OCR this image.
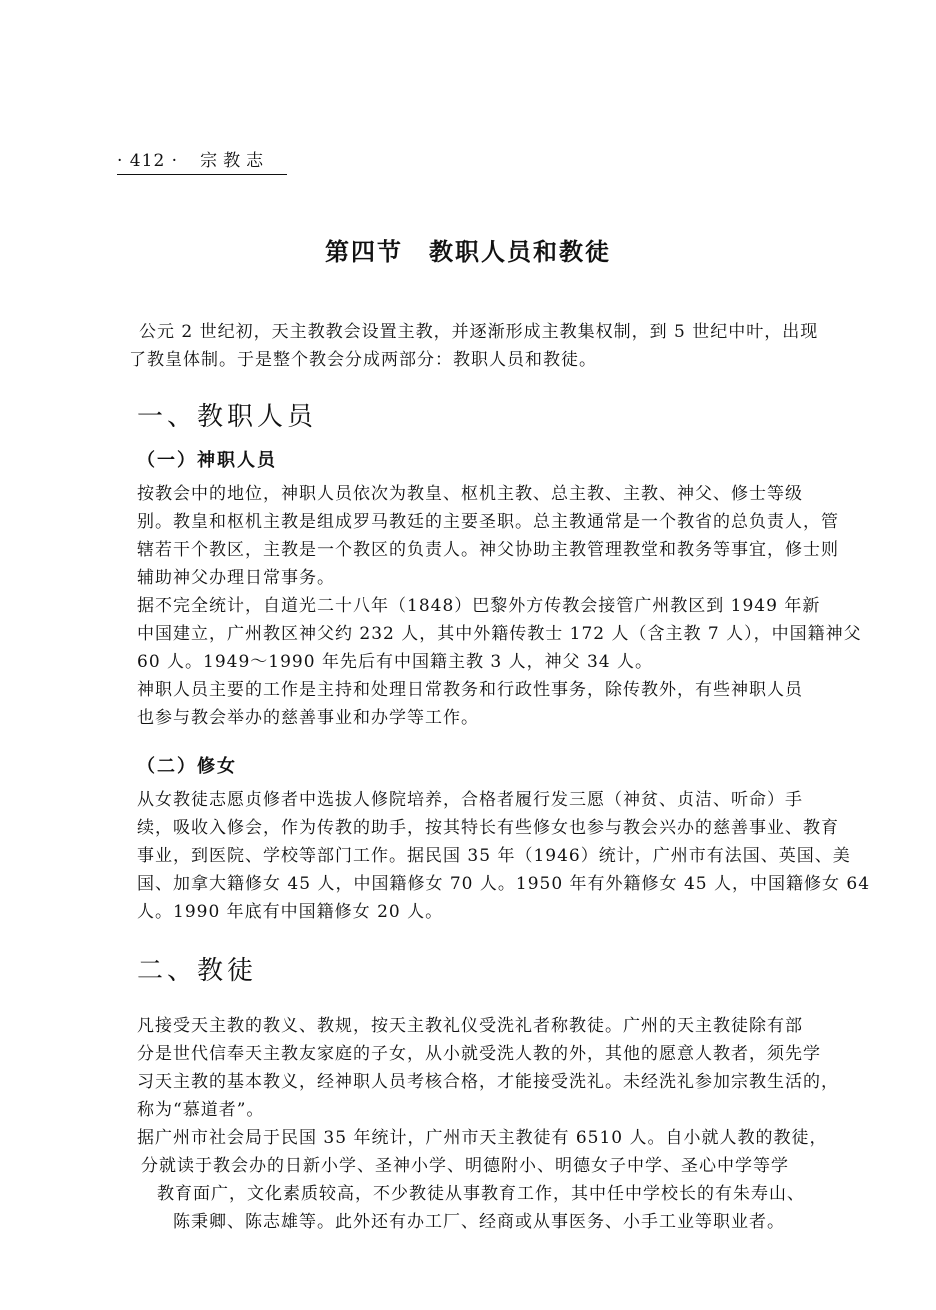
· 412 · 宗教志
第四节　教职人员和教徒
公元 2 世纪初，天主教教会设置主教，并逐渐形成主教集权制，到 5 世纪中叶，出现
了教皇体制。于是整个教会分成两部分：教职人员和教徒。
一、教职人员
（一）神职人员
按教会中的地位，神职人员依次为教皇、枢机主教、总主教、主教、神父、修士等级
别。教皇和枢机主教是组成罗马教廷的主要圣职。总主教通常是一个教省的总负责人，管
辖若干个教区，主教是一个教区的负责人。神父协助主教管理教堂和教务等事宜，修士则
辅助神父办理日常事务。
据不完全统计，自道光二十八年（1848）巴黎外方传教会接管广州教区到 1949 年新
中国建立，广州教区神父约 232 人，其中外籍传教士 172 人（含主教 7 人），中国籍神父
60 人。1949～1990 年先后有中国籍主教 3 人，神父 34 人。
神职人员主要的工作是主持和处理日常教务和行政性事务，除传教外，有些神职人员
也参与教会举办的慈善事业和办学等工作。
（二）修女
从女教徒志愿贞修者中选拔人修院培养，合格者履行发三愿（神贫、贞洁、听命）手
续，吸收入修会，作为传教的助手，按其特长有些修女也参与教会兴办的慈善事业、教育
事业，到医院、学校等部门工作。据民国 35 年（1946）统计，广州市有法国、英国、美
国、加拿大籍修女 45 人，中国籍修女 70 人。1950 年有外籍修女 45 人，中国籍修女 64
人。1990 年底有中国籍修女 20 人。
二、教徒
凡接受天主教的教义、教规，按天主教礼仪受洗礼者称教徒。广州的天主教徒除有部
分是世代信奉天主教友家庭的子女，从小就受洗人教的外，其他的愿意人教者，须先学
习天主教的基本教义，经神职人员考核合格，才能接受洗礼。未经洗礼参加宗教生活的，
称为“慕道者”。
据广州市社会局于民国 35 年统计，广州市天主教徒有 6510 人。自小就人教的教徒，
分就读于教会办的日新小学、圣神小学、明德附小、明德女子中学、圣心中学等学
教育面广，文化素质较高，不少教徒从事教育工作，其中任中学校长的有朱寿山、
陈秉卿、陈志雄等。此外还有办工厂、经商或从事医务、小手工业等职业者。
